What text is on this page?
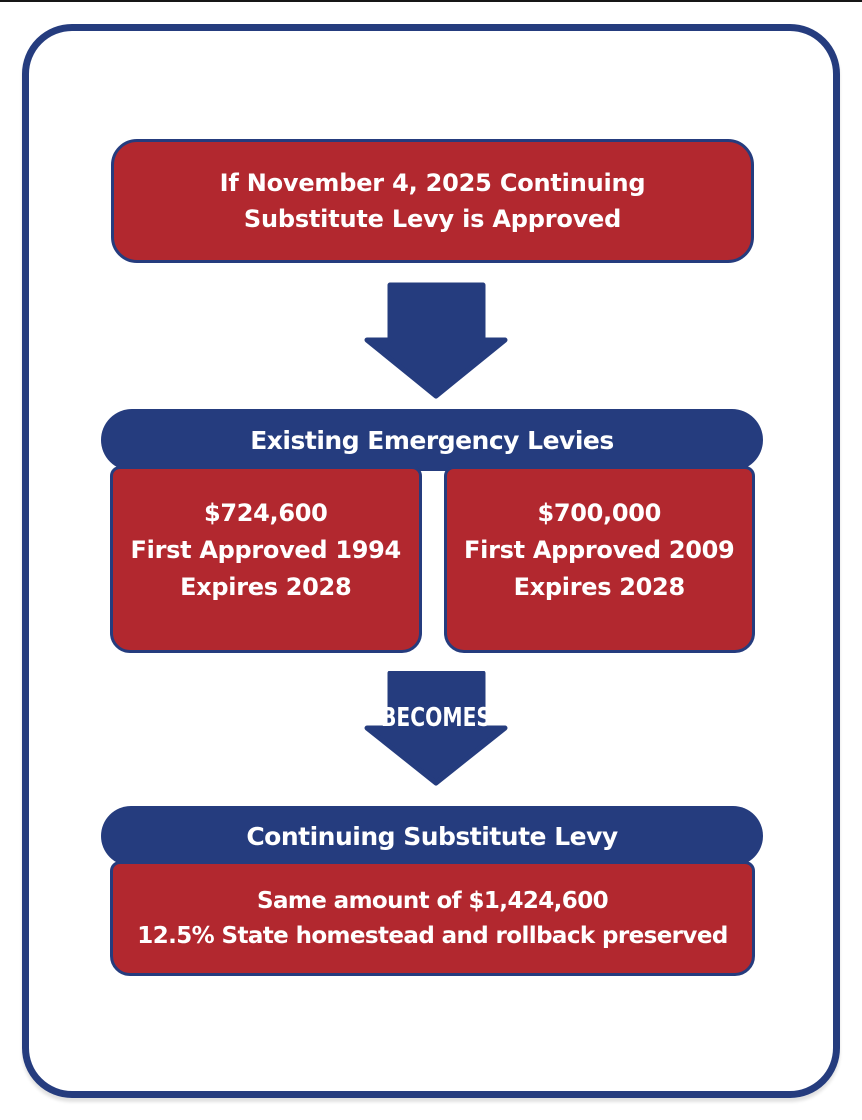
If November 4, 2025 Continuing
Substitute Levy is Approved
Existing Emergency Levies
$724,600
First Approved 1994
Expires 2028
$700,000
First Approved 2009
Expires 2028
BECOMES
Continuing Substitute Levy
Same amount of $1,424,600
12.5% State homestead and rollback preserved
